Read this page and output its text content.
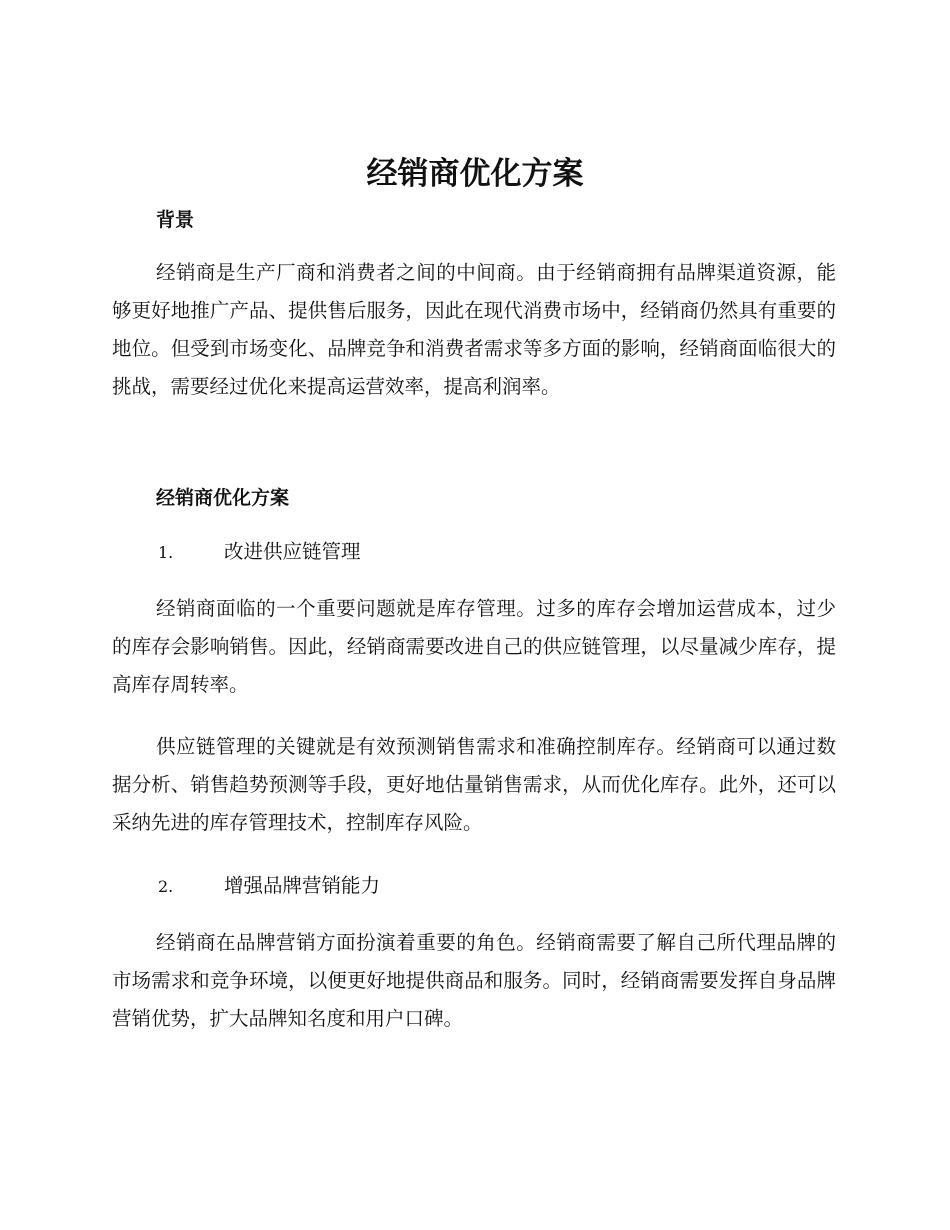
经销商优化方案
背景

经销商是生产厂商和消费者之间的中间商。由于经销商拥有品牌渠道资源，能够更好地推广产品、提供售后服务，因此在现代消费市场中，经销商仍然具有重要的地位。但受到市场变化、品牌竞争和消费者需求等多方面的影响，经销商面临很大的挑战，需要经过优化来提高运营效率，提高利润率。

经销商优化方案
1.	改进供应链管理

经销商面临的一个重要问题就是库存管理。过多的库存会增加运营成本，过少的库存会影响销售。因此，经销商需要改进自己的供应链管理，以尽量减少库存，提高库存周转率。

供应链管理的关键就是有效预测销售需求和准确控制库存。经销商可以通过数据分析、销售趋势预测等手段，更好地估量销售需求，从而优化库存。此外，还可以采纳先进的库存管理技术，控制库存风险。

2.	增强品牌营销能力

经销商在品牌营销方面扮演着重要的角色。经销商需要了解自己所代理品牌的市场需求和竞争环境，以便更好地提供商品和服务。同时，经销商需要发挥自身品牌营销优势，扩大品牌知名度和用户口碑。
